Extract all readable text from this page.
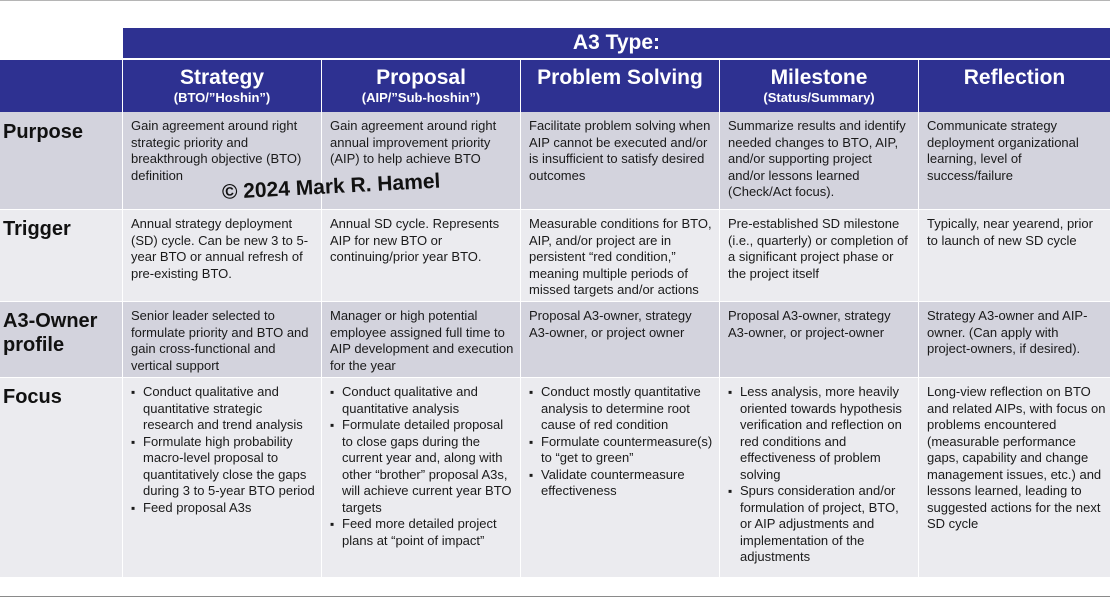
A3 Type:
Strategy
(BTO/”Hoshin”)
Proposal
(AIP/”Sub-hoshin”)
Problem Solving	Milestone
(Status/Summary)
Reflection
Purpose
Trigger
A3-Owner
profile
Focus
Gain agreement around right strategic priority and breakthrough objective (BTO) definition
Gain agreement around right annual improvement priority (AIP) to help achieve BTO
Facilitate problem solving when AIP cannot be executed and/or is insufficient to satisfy desired outcomes
Summarize results and identify needed changes to BTO, AIP, and/or supporting project and/or lessons learned (Check/Act focus).
Communicate strategy deployment organizational learning, level of success/failure
Annual strategy deployment (SD) cycle. Can be new 3 to 5-year BTO or annual refresh of pre-existing BTO.
Annual SD cycle. Represents AIP for new BTO or continuing/prior year BTO.
Measurable conditions for BTO, AIP, and/or project are in persistent “red condition,” meaning multiple periods of missed targets and/or actions
Pre-established SD milestone (i.e., quarterly) or completion of a significant project phase or the project itself
Typically, near yearend, prior to launch of new SD cycle
Senior leader selected to formulate priority and BTO and gain cross-functional and vertical support
Manager or high potential employee assigned full time to AIP development and execution for the year
Proposal A3-owner, strategy A3-owner, or project owner
Proposal A3-owner, strategy A3-owner, or project-owner
Strategy A3-owner and AIP-owner. (Can apply with project-owners, if desired).
▪ Conduct qualitative and quantitative strategic research and trend analysis
▪ Formulate high probability macro-level proposal to quantitatively close the gaps during 3 to 5-year BTO period
▪ Feed proposal A3s
▪ Conduct qualitative and quantitative analysis
▪ Formulate detailed proposal to close gaps during the current year and, along with other “brother” proposal A3s, will achieve current year BTO targets
▪ Feed more detailed project plans at “point of impact”
▪ Conduct mostly quantitative analysis to determine root cause of red condition
▪ Formulate countermeasure(s) to “get to green”
▪ Validate countermeasure effectiveness
▪ Less analysis, more heavily oriented towards hypothesis verification and reflection on red conditions and effectiveness of problem solving
▪ Spurs consideration and/or formulation of project, BTO, or AIP adjustments and implementation of the adjustments
Long-view reflection on BTO and related AIPs, with focus on problems encountered (measurable performance gaps, capability and change management issues, etc.) and lessons learned, leading to suggested actions for the next SD cycle
© 2024 Mark R. Hamel
